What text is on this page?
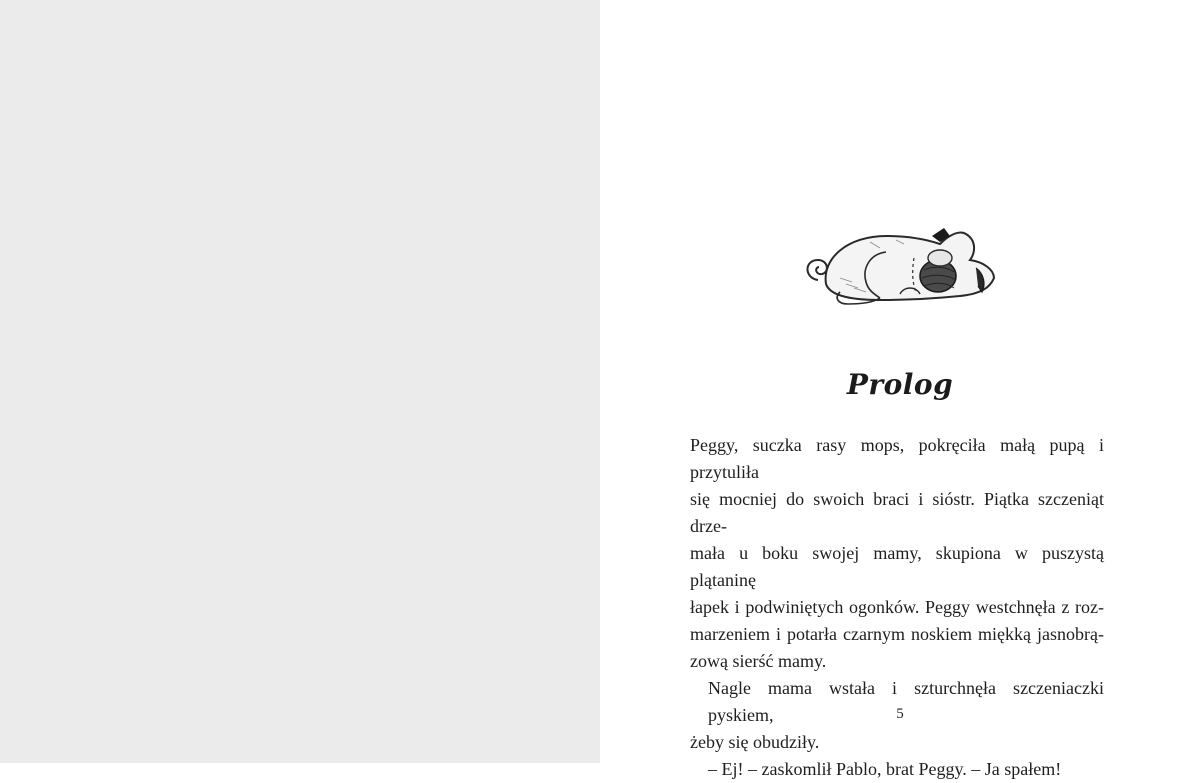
Prolog
Peggy, suczka rasy mops, pokręciła małą pupą i przytuliła
się mocniej do swoich braci i sióstr. Piątka szczeniąt drze-
mała u boku swojej mamy, skupiona w puszystą plątaninę
łapek i podwiniętych ogonków. Peggy westchnęła z roz-
marzeniem i potarła czarnym noskiem miękką jasnobrą-
zową sierść mamy.
Nagle mama wstała i szturchnęła szczeniaczki pyskiem,
żeby się obudziły.
– Ej! – zaskomlił Pablo, brat Peggy. – Ja spałem!
5
